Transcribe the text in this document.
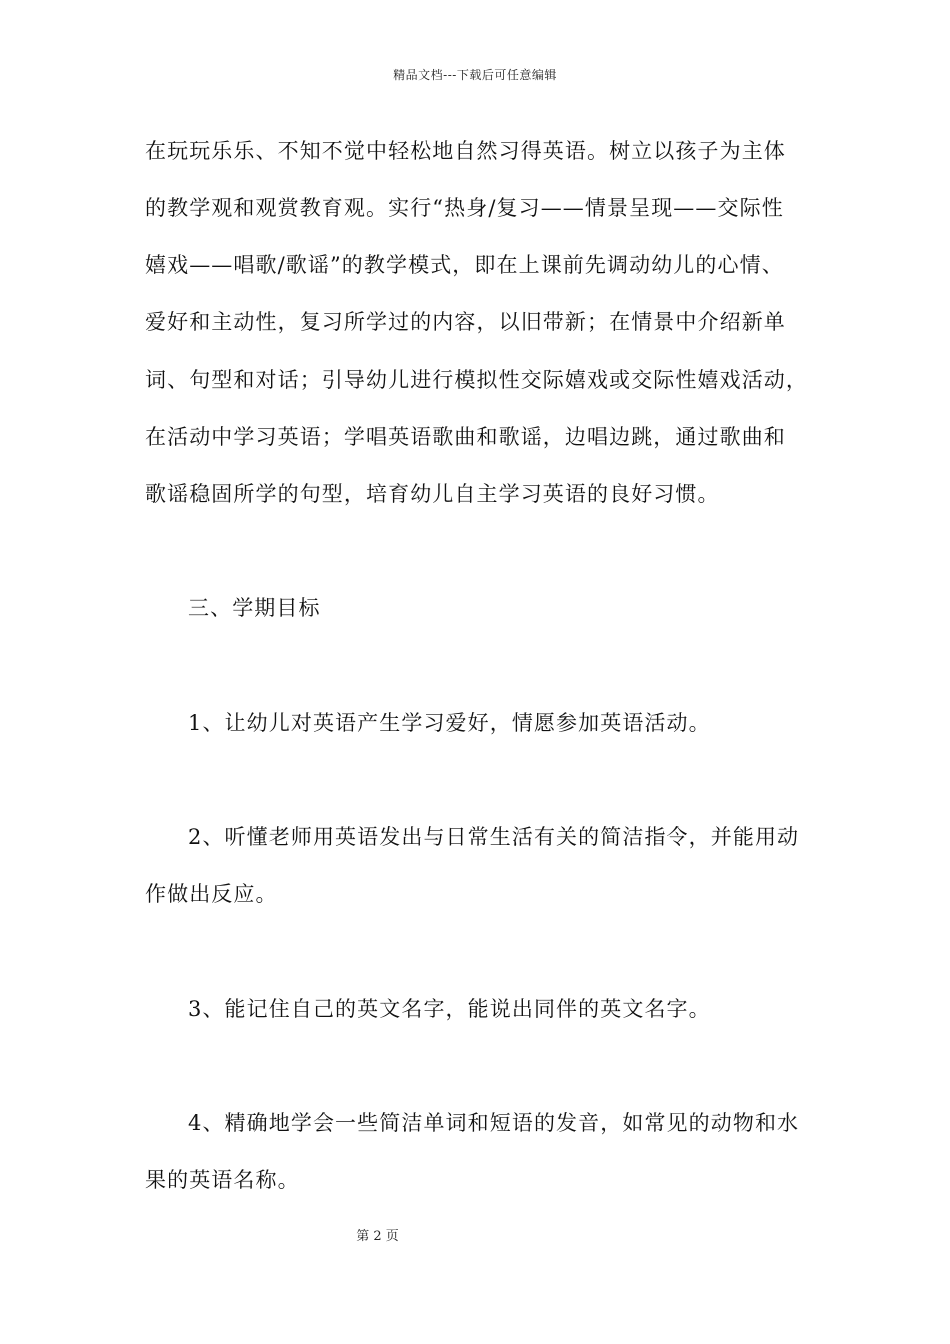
精品文档---下载后可任意编辑
在玩玩乐乐、不知不觉中轻松地自然习得英语。树立以孩子为主体
的教学观和观赏教育观。实行“热身/复习——情景呈现——交际性
嬉戏——唱歌/歌谣”的教学模式，即在上课前先调动幼儿的心情、
爱好和主动性，复习所学过的内容，以旧带新；在情景中介绍新单
词、句型和对话；引导幼儿进行模拟性交际嬉戏或交际性嬉戏活动，
在活动中学习英语；学唱英语歌曲和歌谣，边唱边跳，通过歌曲和
歌谣稳固所学的句型，培育幼儿自主学习英语的良好习惯。
三、学期目标
1、让幼儿对英语产生学习爱好，情愿参加英语活动。
2、听懂老师用英语发出与日常生活有关的简洁指令，并能用动
作做出反应。
3、能记住自己的英文名字，能说出同伴的英文名字。
4、精确地学会一些简洁单词和短语的发音，如常见的动物和水
果的英语名称。
第 2 页
